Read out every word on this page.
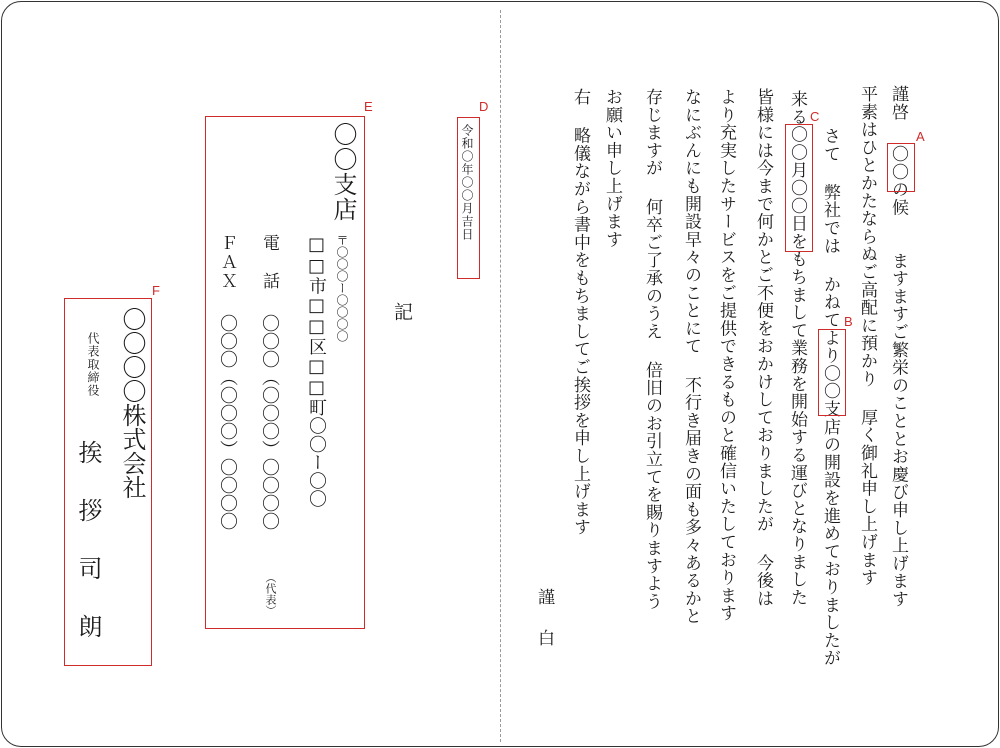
謹啓
〇〇の候　　ますますご繁栄のこととお慶び申し上げます
平素はひとかたならぬご高配に預かり 厚く御礼申し上げます
さて 弊社では かねてより〇〇支店の開設を進めておりましたが
来る〇〇月〇〇日をもちまして業務を開始する運びとなりました
皆様には今まで何かとご不便をおかけしておりましたが 今後は
より充実したサービスをご提供できるものと確信いたしております
なにぶんにも開設早々のことにて 不行き届きの面も多々あるかと
存じますが 何卒ご了承のうえ 倍旧のお引立てを賜りますよう
お願い申し上げます
右 略儀ながら書中をもちましてご挨拶を申し上げます
謹
白
記
令和〇年〇〇月吉日
〇〇支店
〒〇〇〇ー〇〇〇〇
□□市□□区□□町〇〇ー〇〇
電　話
〇〇〇（〇〇〇）〇〇〇〇
（代表）
ＦＡＸ
〇〇〇（〇〇〇）〇〇〇〇
〇〇〇〇株式会社
代表取締役
挨拶司朗
A
B
C
D
E
F
